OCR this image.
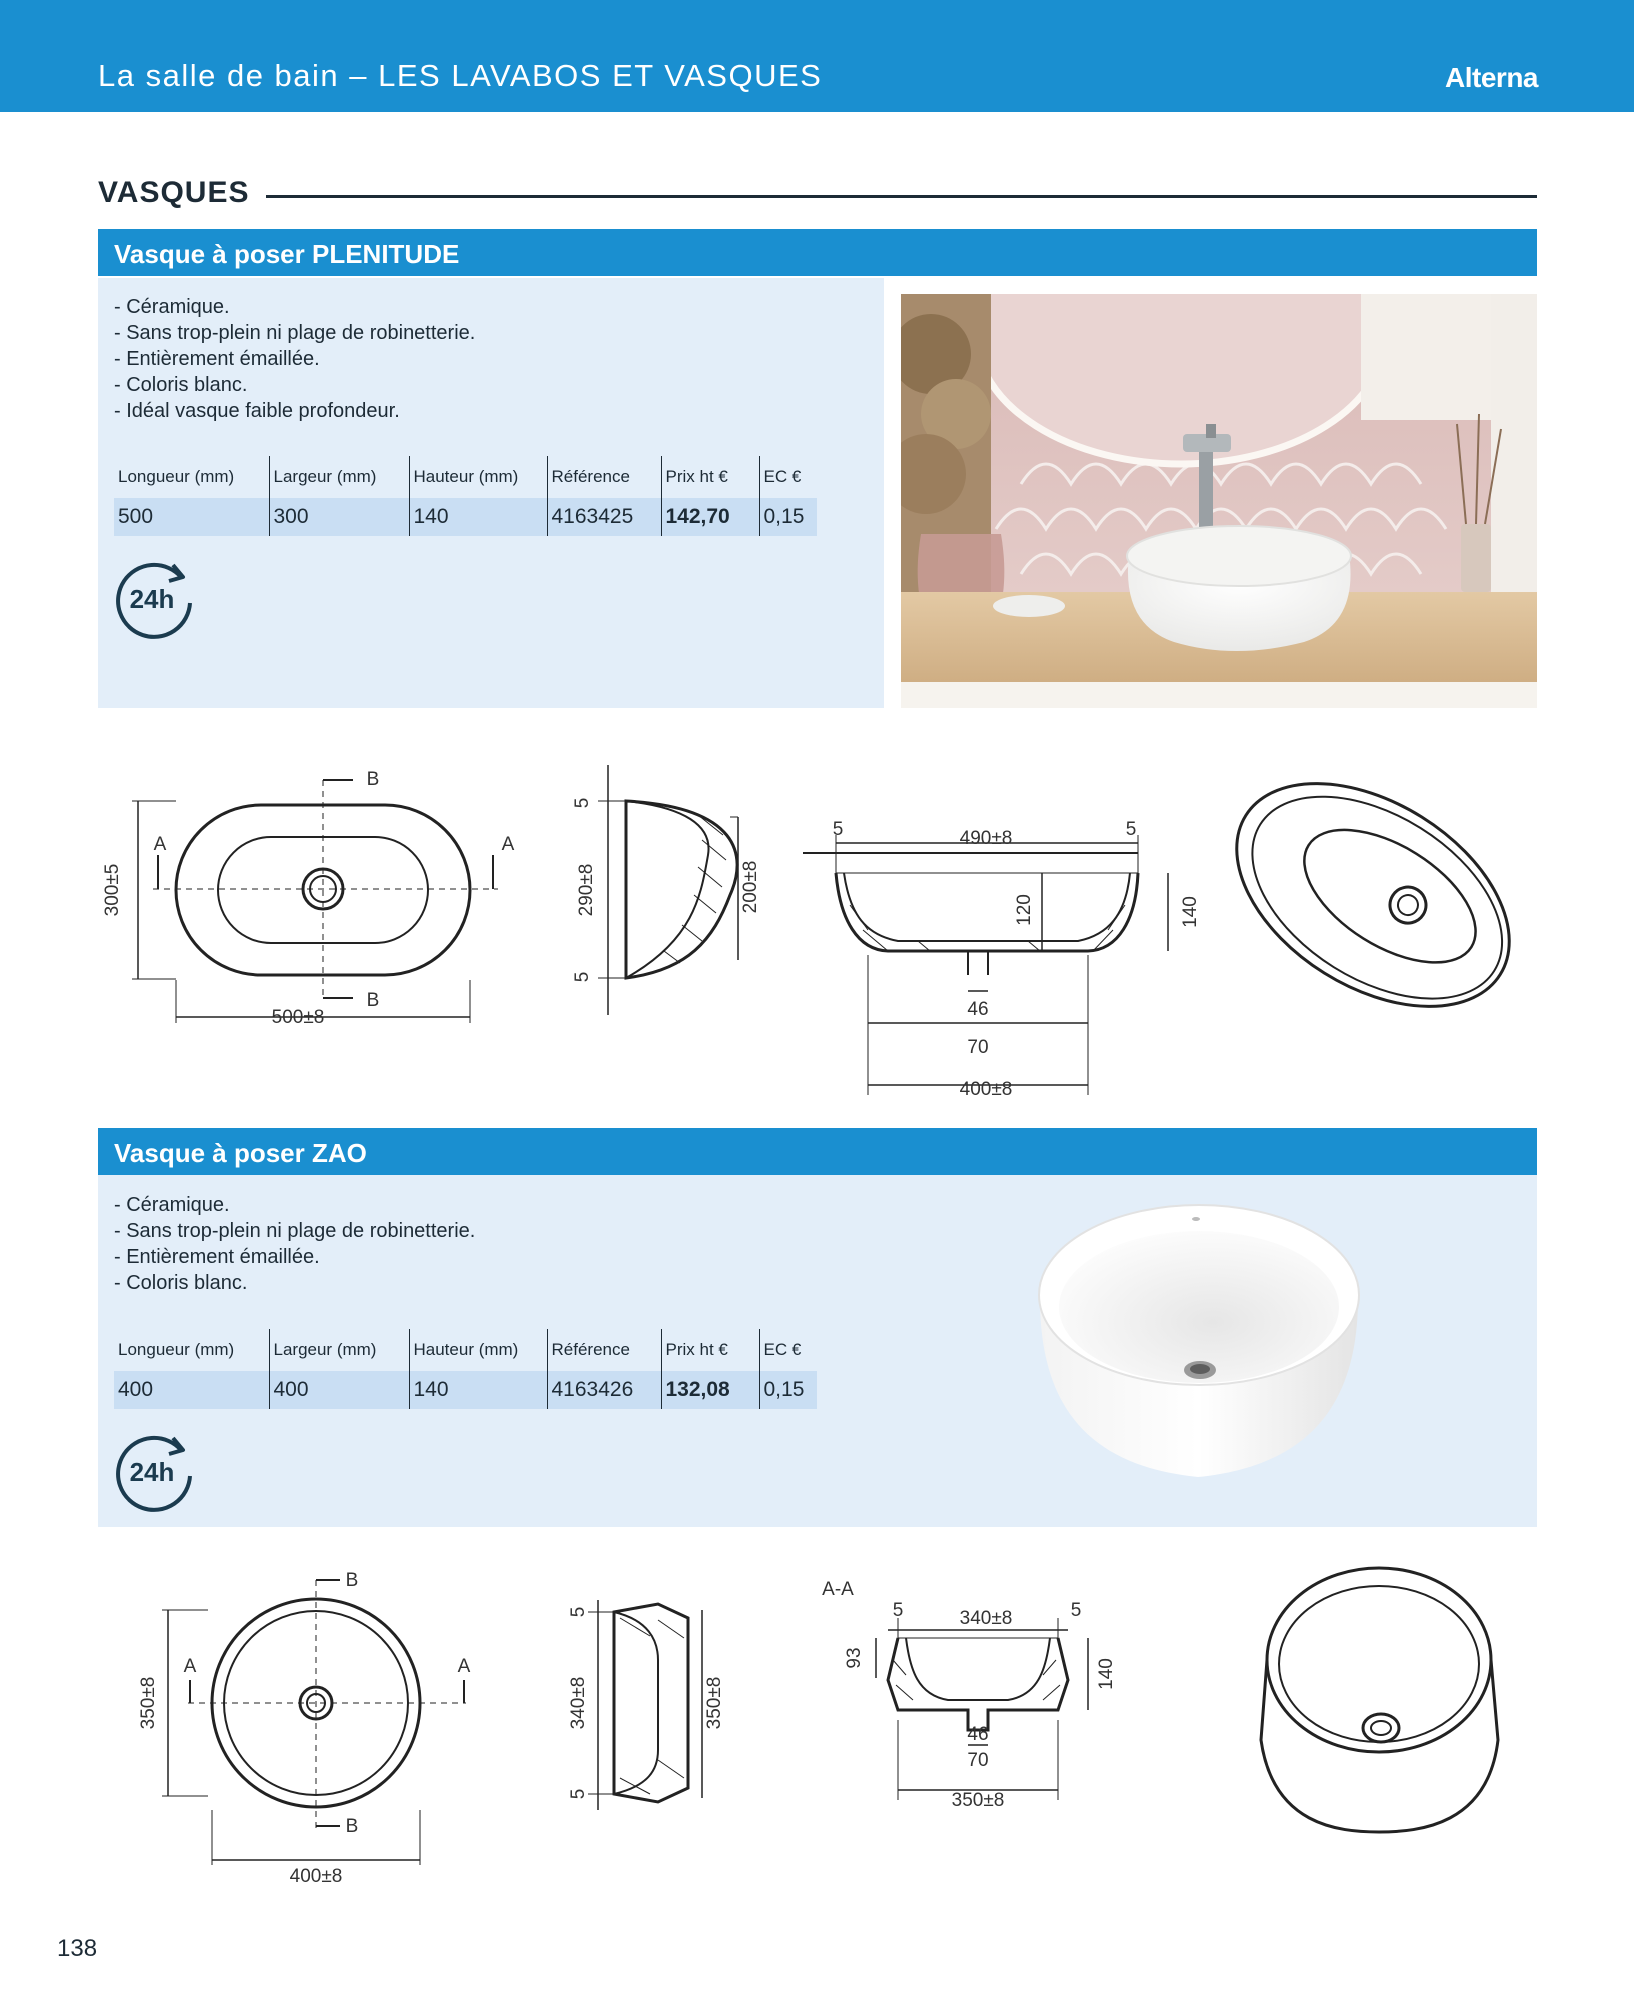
La salle de bain – LES LAVABOS ET VASQUES	Alterna
VASQUES
Vasque à poser PLENITUDE
- Céramique.
- Sans trop-plein ni plage de robinetterie.
- Entièrement émaillée.
- Coloris blanc.
- Idéal vasque faible profondeur.
Longueur (mm)	Largeur (mm)	Hauteur (mm)	Référence	Prix ht €	EC €
500	300	140	4163425	142,70	0,15
24h
500±8
300±5
A	A
B
B
290±8	200±8
5
5
490±8
5	5
120	140
46
70
400±8
Vasque à poser ZAO
- Céramique.
- Sans trop-plein ni plage de robinetterie.
- Entièrement émaillée.
- Coloris blanc.
Longueur (mm)	Largeur (mm)	Hauteur (mm)	Référence	Prix ht €	EC €
400	400	140	4163426	132,08	0,15
24h
400±8
350±8
A	A
B
B
340±8	350±8
5
5
A-A
340±8
5	5
93
140
46
70
350±8
138
